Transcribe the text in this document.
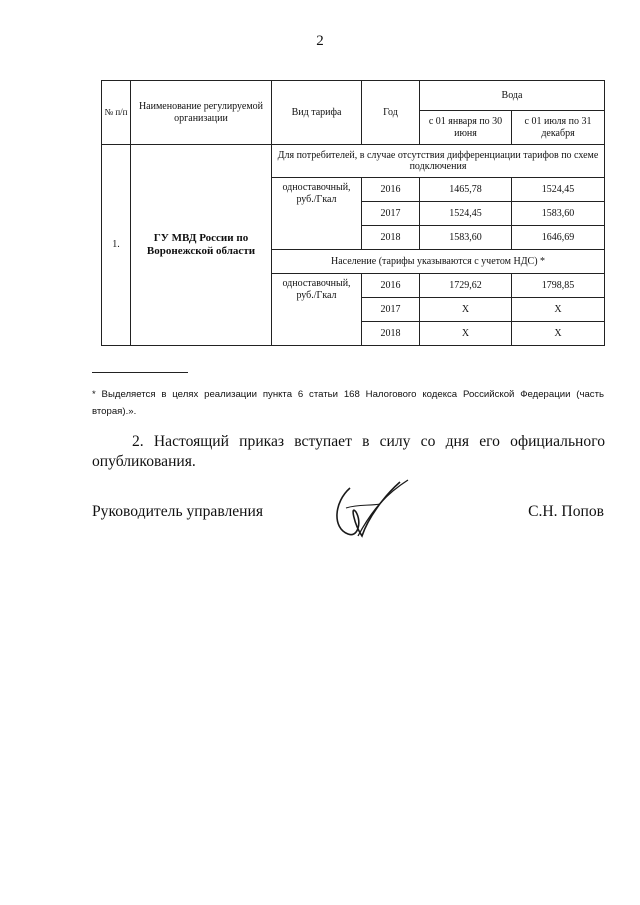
2
№ п/п	Наименование регулируемой организации	Вид тарифа	Год	Вода	
				с 01 января по 30 июня	с 01 июля по 31 декабря
1.	ГУ МВД России по Воронежской области	Для потребителей, в случае отсутствия дифференциации тарифов по схеме подключения			
		одноставочный, руб./Гкал	2016	1465,78	1524,45
			2017	1524,45	1583,60
			2018	1583,60	1646,69
		Население (тарифы указываются с учетом НДС) *			
		одноставочный, руб./Гкал	2016	1729,62	1798,85
			2017	Х	Х
			2018	Х	Х
* Выделяется в целях реализации пункта 6 статьи 168 Налогового кодекса Российской Федерации (часть вторая).».
2. Настоящий приказ вступает в силу со дня его официального опубликования.
Руководитель управления	С.Н. Попов
